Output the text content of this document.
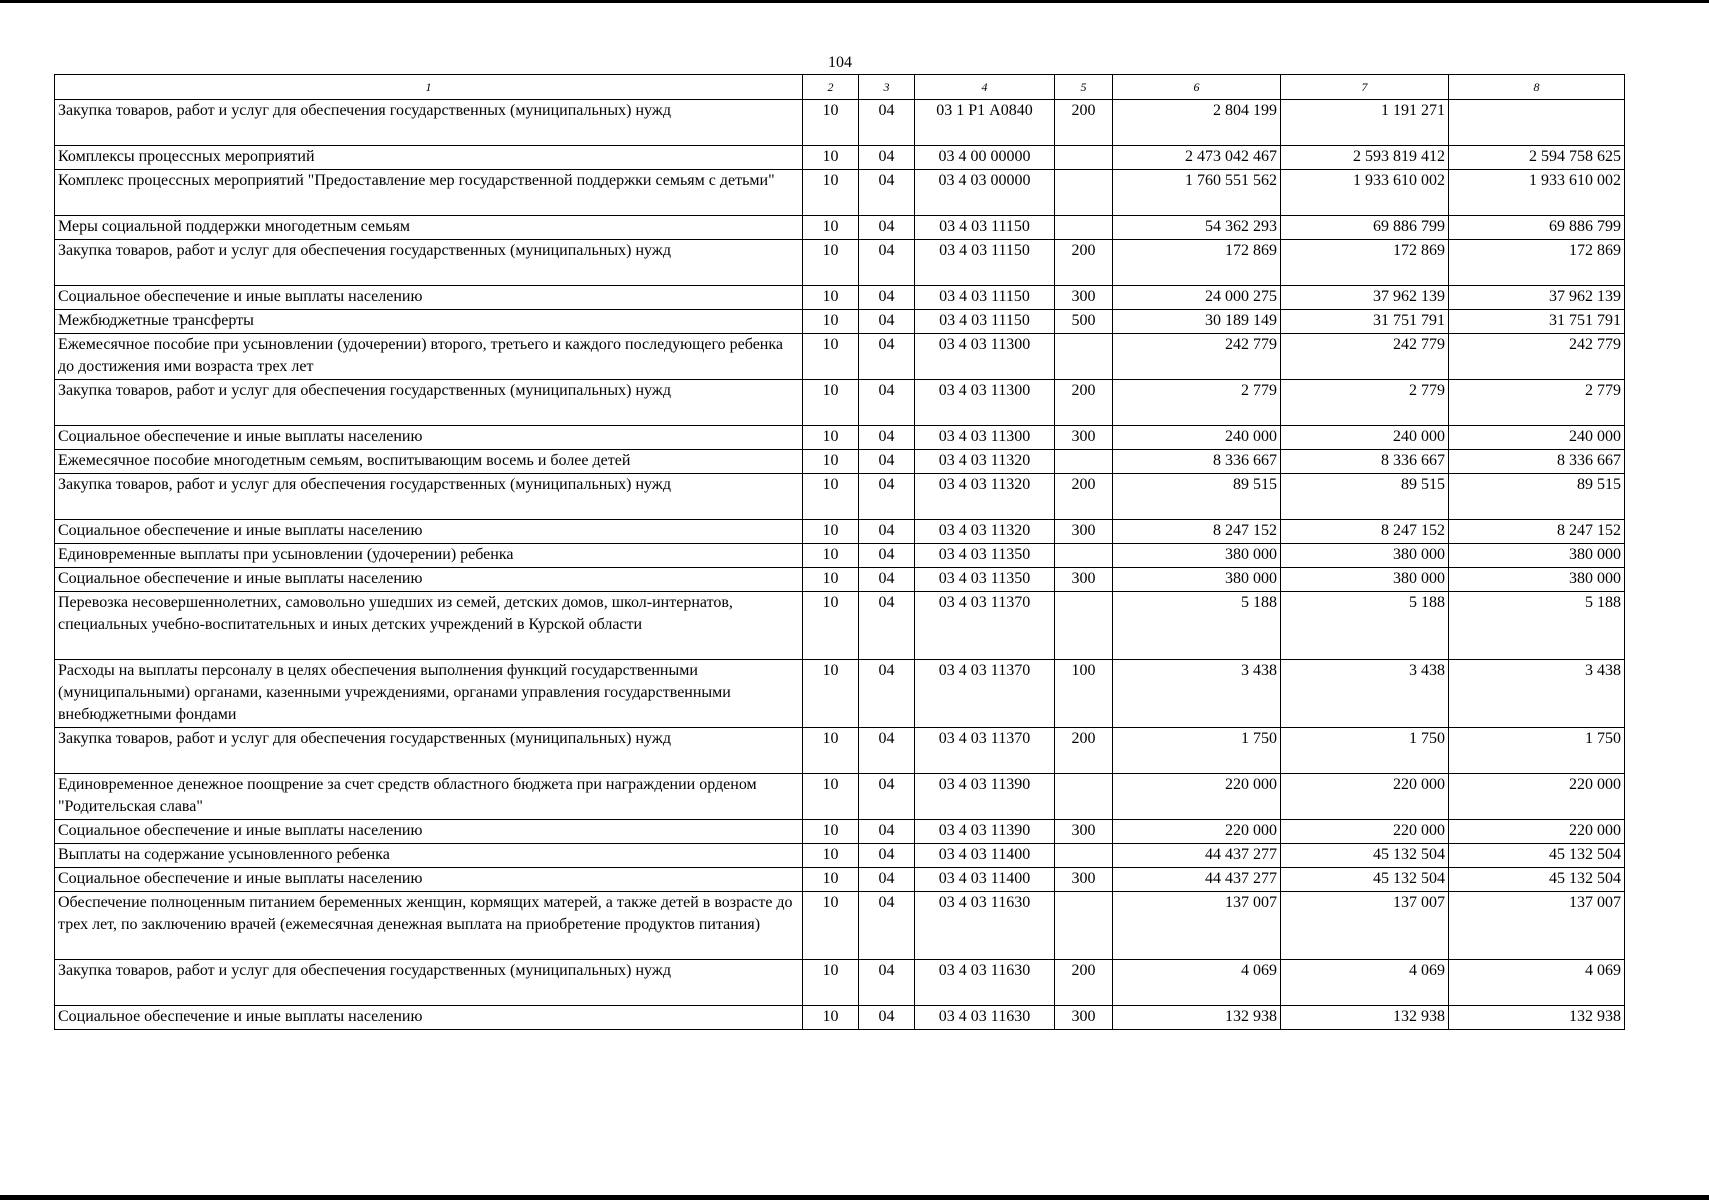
104
1	2	3	4	5	6	7	8
Закупка товаров, работ и услуг для обеспечения государственных (муниципальных) нужд	10	04	03 1 Р1 А0840	200	2 804 199	1 191 271	
Комплексы процессных мероприятий	10	04	03 4 00 00000		2 473 042 467	2 593 819 412	2 594 758 625
Комплекс процессных мероприятий "Предоставление мер государственной поддержки семьям с детьми"	10	04	03 4 03 00000		1 760 551 562	1 933 610 002	1 933 610 002
Меры социальной поддержки многодетным семьям	10	04	03 4 03 11150		54 362 293	69 886 799	69 886 799
Закупка товаров, работ и услуг для обеспечения государственных (муниципальных) нужд	10	04	03 4 03 11150	200	172 869	172 869	172 869
Социальное обеспечение и иные выплаты населению	10	04	03 4 03 11150	300	24 000 275	37 962 139	37 962 139
Межбюджетные трансферты	10	04	03 4 03 11150	500	30 189 149	31 751 791	31 751 791
Ежемесячное пособие при усыновлении (удочерении) второго, третьего и каждого последующего ребенка до достижения ими возраста трех лет	10	04	03 4 03 11300		242 779	242 779	242 779
Закупка товаров, работ и услуг для обеспечения государственных (муниципальных) нужд	10	04	03 4 03 11300	200	2 779	2 779	2 779
Социальное обеспечение и иные выплаты населению	10	04	03 4 03 11300	300	240 000	240 000	240 000
Ежемесячное пособие многодетным семьям, воспитывающим восемь и более детей	10	04	03 4 03 11320		8 336 667	8 336 667	8 336 667
Закупка товаров, работ и услуг для обеспечения государственных (муниципальных) нужд	10	04	03 4 03 11320	200	89 515	89 515	89 515
Социальное обеспечение и иные выплаты населению	10	04	03 4 03 11320	300	8 247 152	8 247 152	8 247 152
Единовременные выплаты при усыновлении (удочерении) ребенка	10	04	03 4 03 11350		380 000	380 000	380 000
Социальное обеспечение и иные выплаты населению	10	04	03 4 03 11350	300	380 000	380 000	380 000
Перевозка несовершеннолетних, самовольно ушедших из семей, детских домов, школ-интернатов, специальных учебно-воспитательных и иных детских учреждений в Курской области	10	04	03 4 03 11370		5 188	5 188	5 188
Расходы на выплаты персоналу в целях обеспечения выполнения функций государственными (муниципальными) органами, казенными учреждениями, органами управления государственными внебюджетными фондами	10	04	03 4 03 11370	100	3 438	3 438	3 438
Закупка товаров, работ и услуг для обеспечения государственных (муниципальных) нужд	10	04	03 4 03 11370	200	1 750	1 750	1 750
Единовременное денежное поощрение за счет средств областного бюджета при награждении орденом "Родительская слава"	10	04	03 4 03 11390		220 000	220 000	220 000
Социальное обеспечение и иные выплаты населению	10	04	03 4 03 11390	300	220 000	220 000	220 000
Выплаты на содержание усыновленного ребенка	10	04	03 4 03 11400		44 437 277	45 132 504	45 132 504
Социальное обеспечение и иные выплаты населению	10	04	03 4 03 11400	300	44 437 277	45 132 504	45 132 504
Обеспечение полноценным питанием беременных женщин, кормящих матерей, а также детей в возрасте до трех лет, по заключению врачей (ежемесячная денежная выплата на приобретение продуктов питания)	10	04	03 4 03 11630		137 007	137 007	137 007
Закупка товаров, работ и услуг для обеспечения государственных (муниципальных) нужд	10	04	03 4 03 11630	200	4 069	4 069	4 069
Социальное обеспечение и иные выплаты населению	10	04	03 4 03 11630	300	132 938	132 938	132 938
